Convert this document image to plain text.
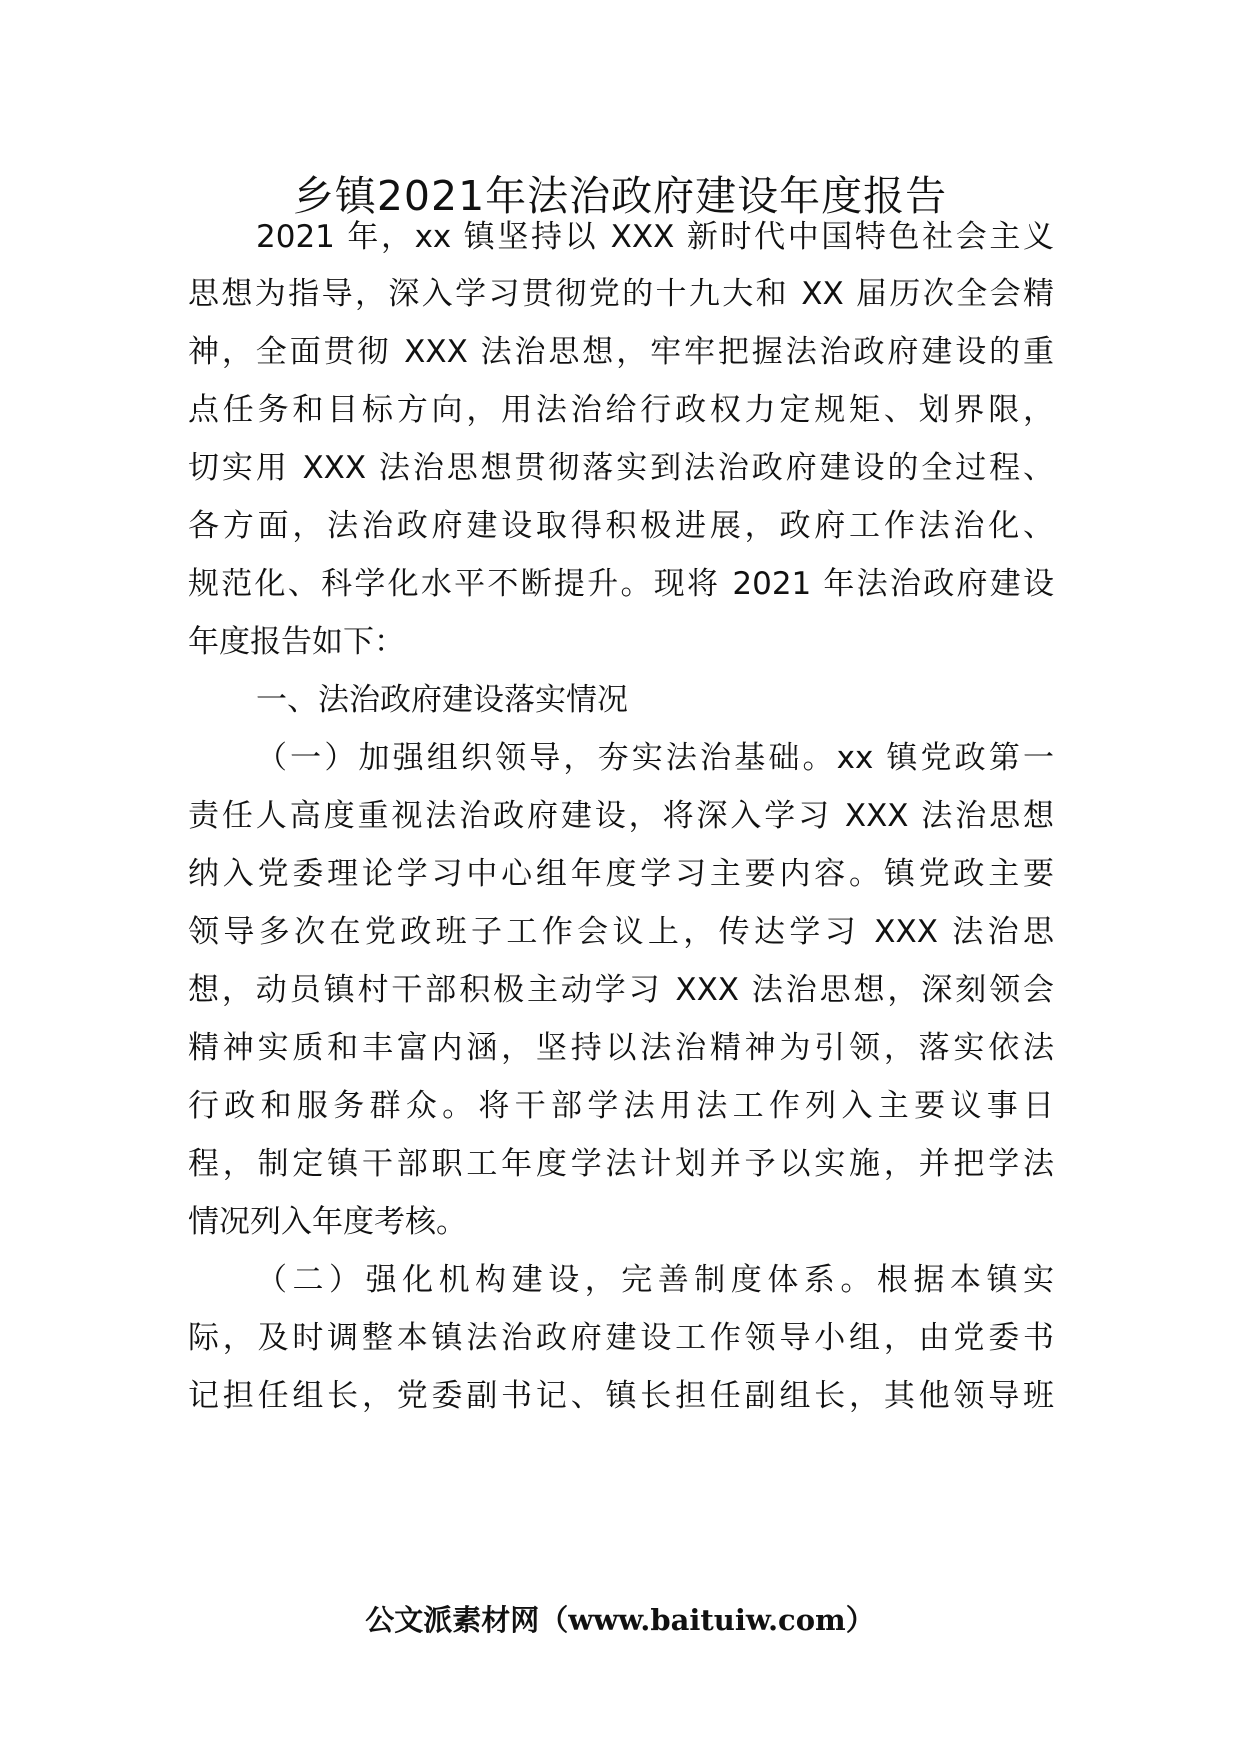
乡镇2021年法治政府建设年度报告
2021 年，xx 镇坚持以 XXX 新时代中国特色社会主义
思想为指导，深入学习贯彻党的十九大和 XX 届历次全会精
神，全面贯彻 XXX 法治思想，牢牢把握法治政府建设的重
点任务和目标方向，用法治给行政权力定规矩、划界限，
切实用 XXX 法治思想贯彻落实到法治政府建设的全过程、
各方面，法治政府建设取得积极进展，政府工作法治化、
规范化、科学化水平不断提升。现将 2021 年法治政府建设
年度报告如下：
一、法治政府建设落实情况
（一）加强组织领导，夯实法治基础。xx 镇党政第一
责任人高度重视法治政府建设，将深入学习 XXX 法治思想
纳入党委理论学习中心组年度学习主要内容。镇党政主要
领导多次在党政班子工作会议上，传达学习 XXX 法治思
想，动员镇村干部积极主动学习 XXX 法治思想，深刻领会
精神实质和丰富内涵，坚持以法治精神为引领，落实依法
行政和服务群众。将干部学法用法工作列入主要议事日
程，制定镇干部职工年度学法计划并予以实施，并把学法
情况列入年度考核。
（二）强化机构建设，完善制度体系。根据本镇实
际，及时调整本镇法治政府建设工作领导小组，由党委书
记担任组长，党委副书记、镇长担任副组长，其他领导班
公文派素材网（www.baituiw.com）
